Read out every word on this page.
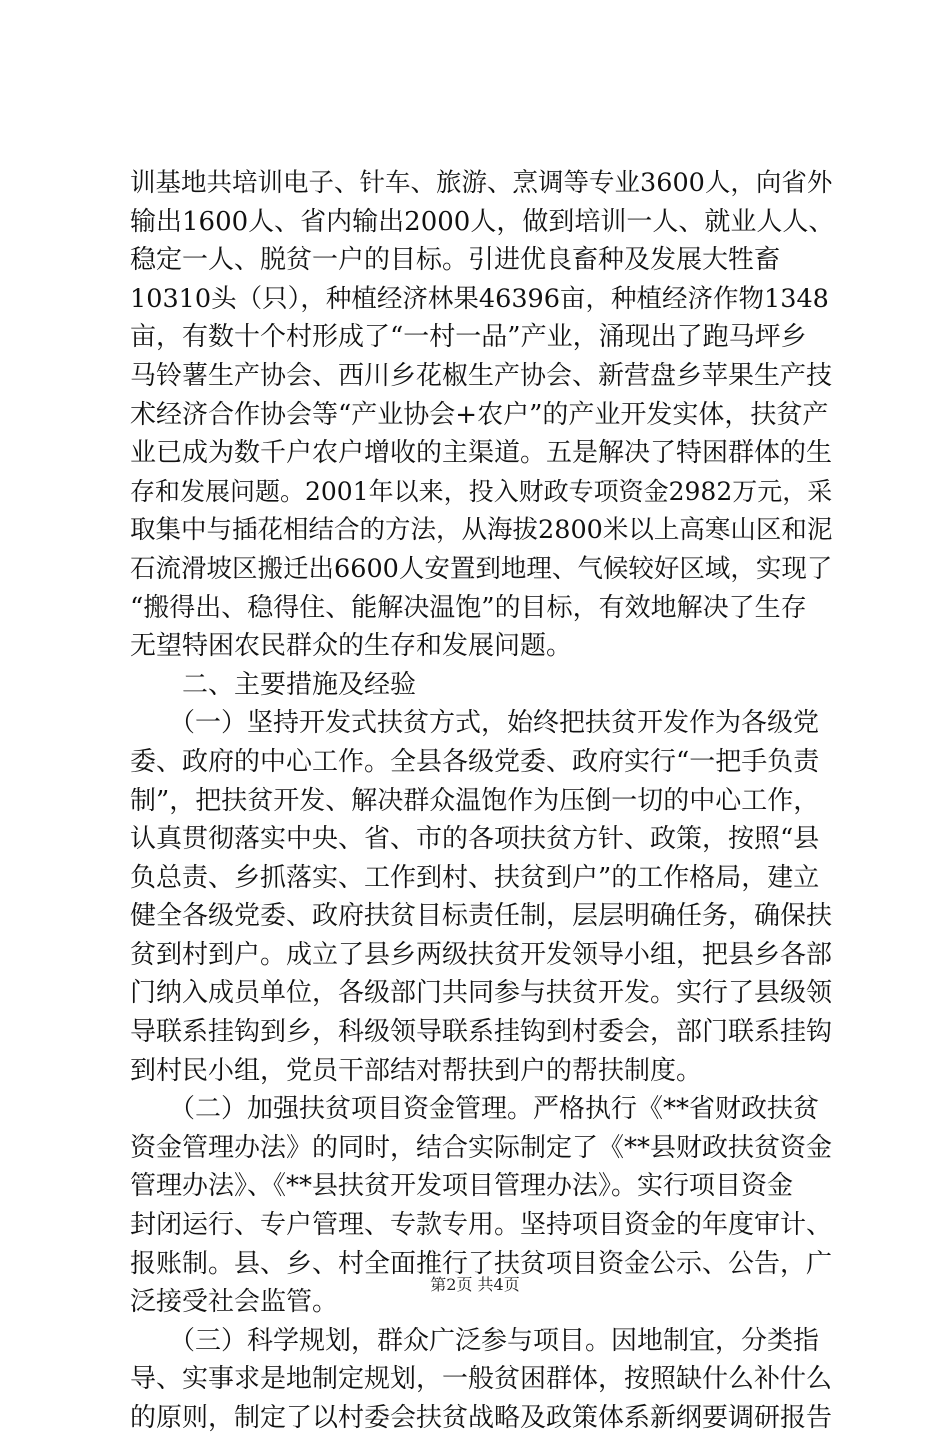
训基地共培训电子、针车、旅游、烹调等专业3600人，向省外
输出1600人、省内输出2000人，做到培训一人、就业人人、
稳定一人、脱贫一户的目标。引进优良畜种及发展大牲畜
10310头（只），种植经济林果46396亩，种植经济作物1348
亩，有数十个村形成了“一村一品”产业，涌现出了跑马坪乡
马铃薯生产协会、西川乡花椒生产协会、新营盘乡苹果生产技
术经济合作协会等“产业协会+农户”的产业开发实体，扶贫产
业已成为数千户农户增收的主渠道。五是解决了特困群体的生
存和发展问题。2001年以来，投入财政专项资金2982万元，采
取集中与插花相结合的方法，从海拔2800米以上高寒山区和泥
石流滑坡区搬迁出6600人安置到地理、气候较好区域，实现了
“搬得出、稳得住、能解决温饱”的目标，有效地解决了生存
无望特困农民群众的生存和发展问题。
　　二、主要措施及经验
　　（一）坚持开发式扶贫方式，始终把扶贫开发作为各级党
委、政府的中心工作。全县各级党委、政府实行“一把手负责
制”，把扶贫开发、解决群众温饱作为压倒一切的中心工作，
认真贯彻落实中央、省、市的各项扶贫方针、政策，按照“县
负总责、乡抓落实、工作到村、扶贫到户”的工作格局，建立
健全各级党委、政府扶贫目标责任制，层层明确任务，确保扶
贫到村到户。成立了县乡两级扶贫开发领导小组，把县乡各部
门纳入成员单位，各级部门共同参与扶贫开发。实行了县级领
导联系挂钩到乡，科级领导联系挂钩到村委会，部门联系挂钩
到村民小组，党员干部结对帮扶到户的帮扶制度。
　　（二）加强扶贫项目资金管理。严格执行《**省财政扶贫
资金管理办法》的同时，结合实际制定了《**县财政扶贫资金
管理办法》、《**县扶贫开发项目管理办法》。实行项目资金
封闭运行、专户管理、专款专用。坚持项目资金的年度审计、
报账制。县、乡、村全面推行了扶贫项目资金公示、公告，广
泛接受社会监管。
　　（三）科学规划，群众广泛参与项目。因地制宜，分类指
导、实事求是地制定规划，一般贫困群体，按照缺什么补什么
的原则，制定了以村委会扶贫战略及政策体系新纲要调研报告
第2页 共4页
